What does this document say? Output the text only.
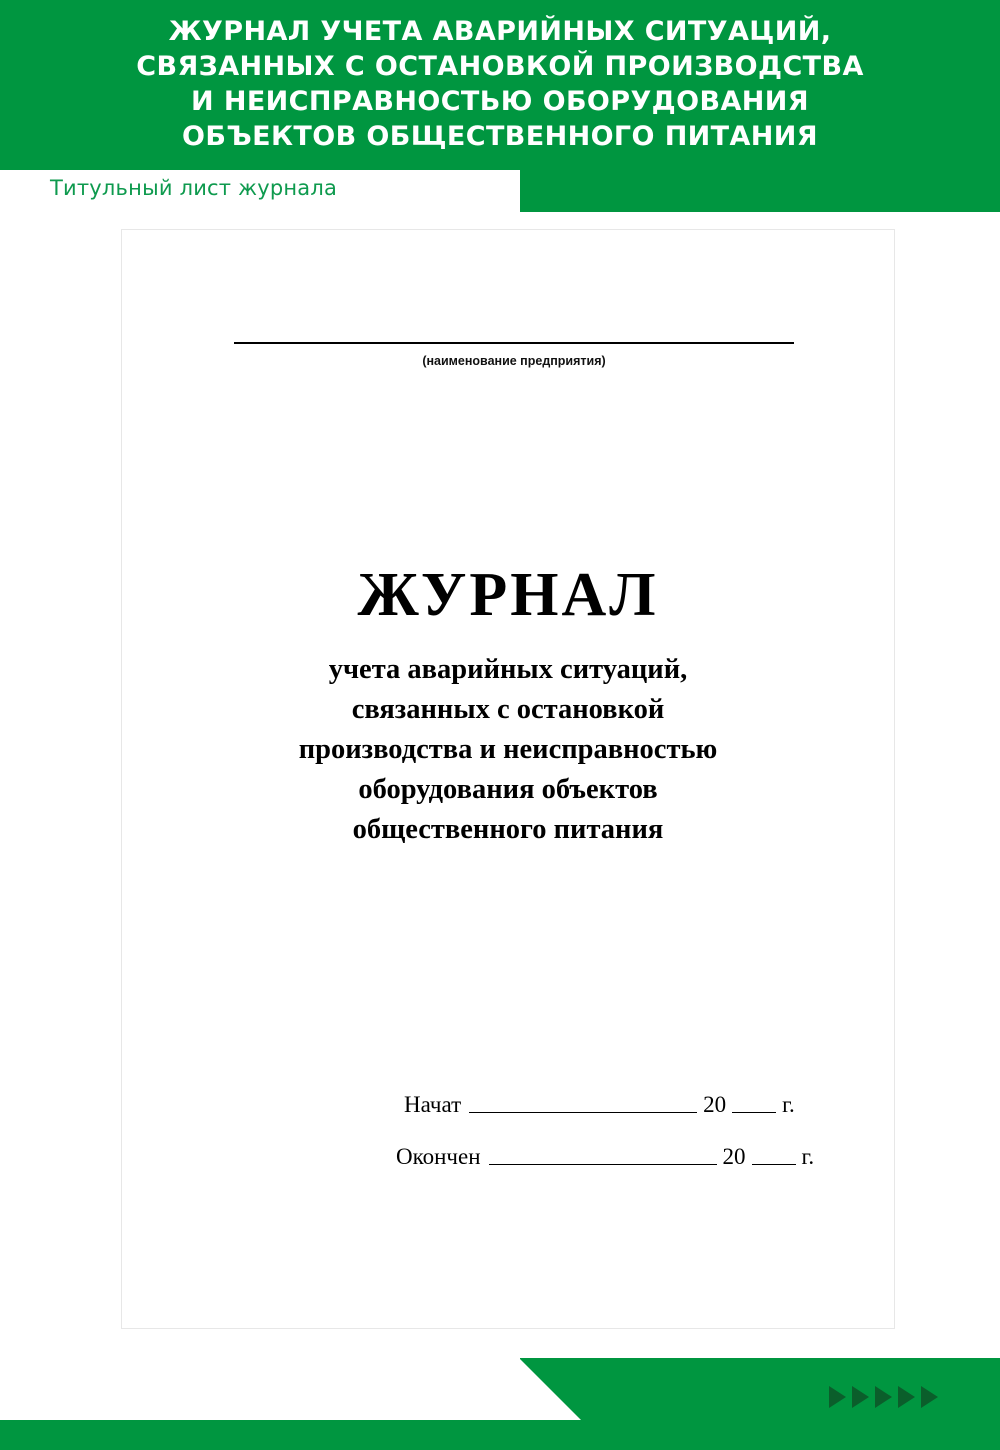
ЖУРНАЛ УЧЕТА АВАРИЙНЫХ СИТУАЦИЙ,
СВЯЗАННЫХ С ОСТАНОВКОЙ ПРОИЗВОДСТВА
И НЕИСПРАВНОСТЬЮ ОБОРУДОВАНИЯ
ОБЪЕКТОВ ОБЩЕСТВЕННОГО ПИТАНИЯ
Титульный лист журнала
(наименование предприятия)
ЖУРНАЛ
учета аварийных ситуаций,
связанных с остановкой
производства и неисправностью
оборудования объектов
общественного питания
Начат	20 г.
Окончен	20 г.
